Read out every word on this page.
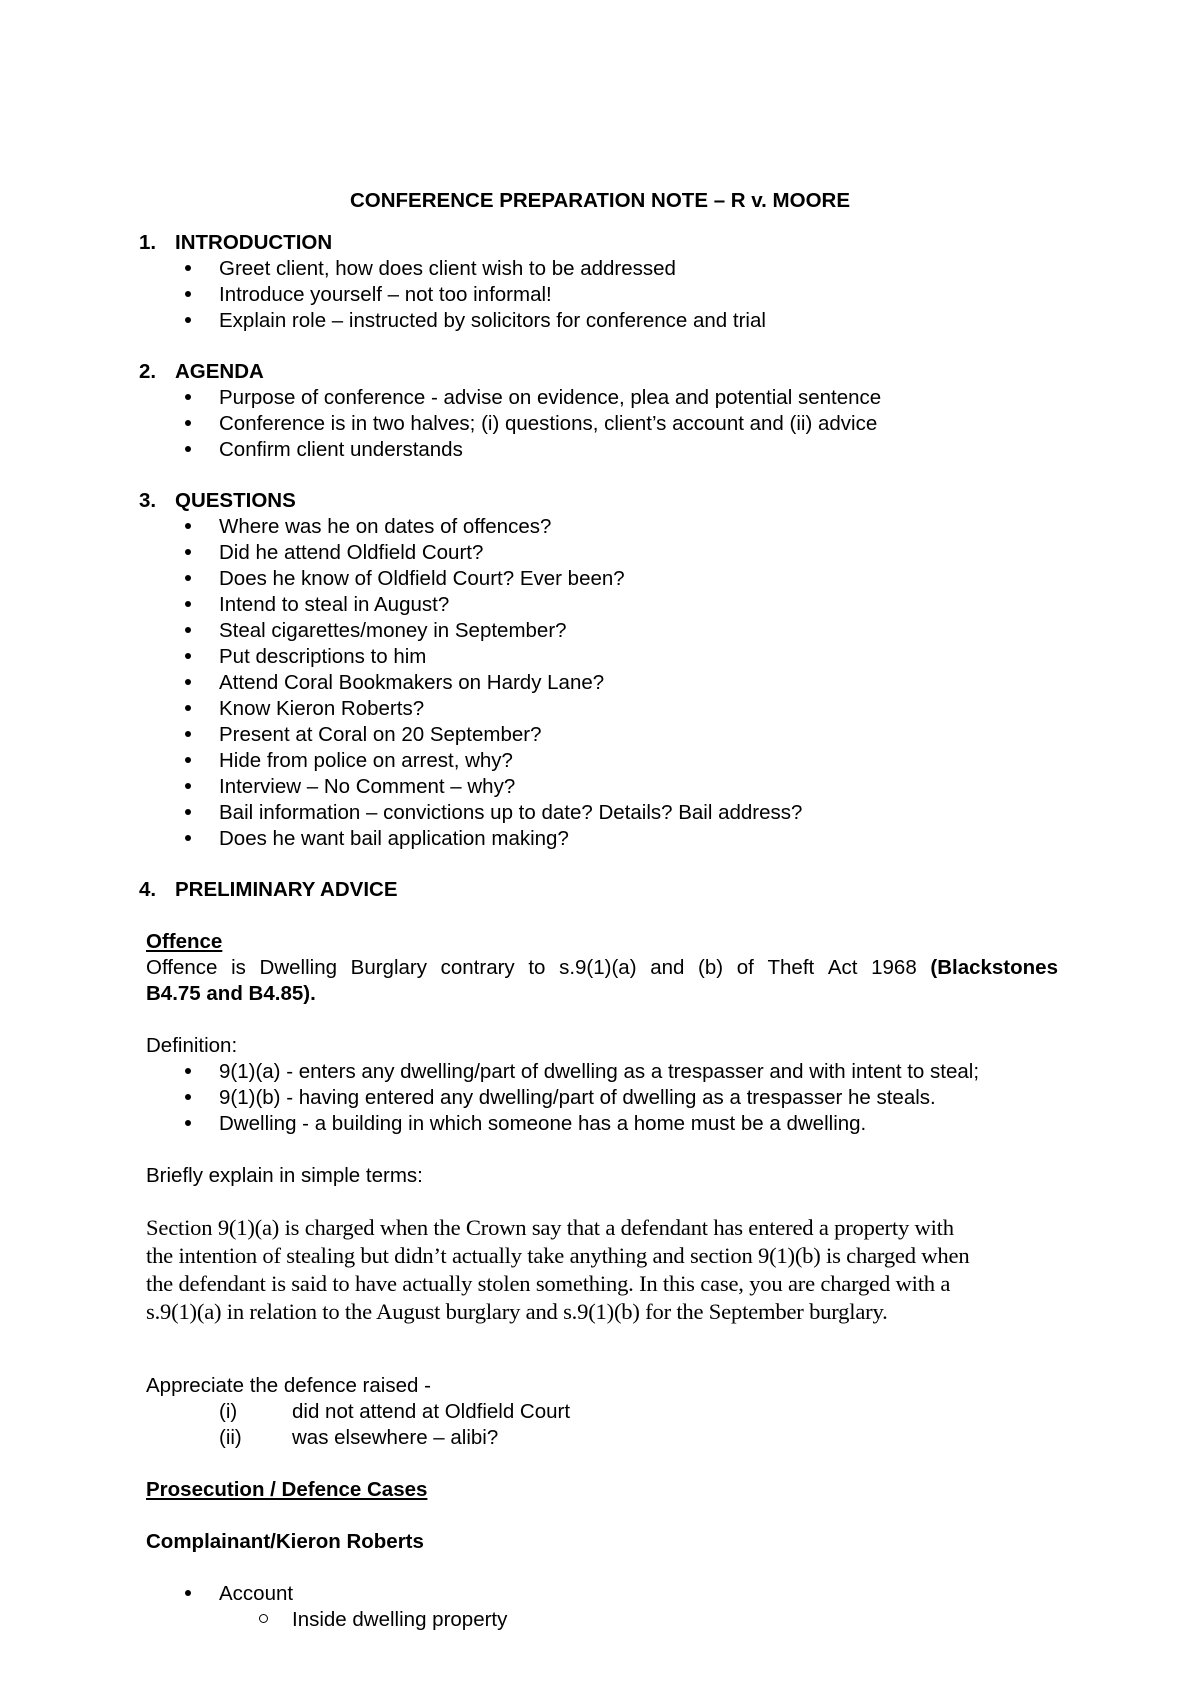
CONFERENCE PREPARATION NOTE – R v. MOORE
1. INTRODUCTION
Greet client, how does client wish to be addressed
Introduce yourself – not too informal!
Explain role – instructed by solicitors for conference and trial
2. AGENDA
Purpose of conference - advise on evidence, plea and potential sentence
Conference is in two halves; (i) questions, client’s account and (ii) advice
Confirm client understands
3. QUESTIONS
Where was he on dates of offences?
Did he attend Oldfield Court?
Does he know of Oldfield Court? Ever been?
Intend to steal in August?
Steal cigarettes/money in September?
Put descriptions to him
Attend Coral Bookmakers on Hardy Lane?
Know Kieron Roberts?
Present at Coral on 20 September?
Hide from police on arrest, why?
Interview – No Comment – why?
Bail information – convictions up to date? Details? Bail address?
Does he want bail application making?
4. PRELIMINARY ADVICE
Offence
Offence is Dwelling Burglary contrary to s.9(1)(a) and (b) of Theft Act 1968 (Blackstones
B4.75 and B4.85).
Definition:
9(1)(a) - enters any dwelling/part of dwelling as a trespasser and with intent to steal;
9(1)(b) - having entered any dwelling/part of dwelling as a trespasser he steals.
Dwelling - a building in which someone has a home must be a dwelling.
Briefly explain in simple terms:
Section 9(1)(a) is charged when the Crown say that a defendant has entered a property with
the intention of stealing but didn’t actually take anything and section 9(1)(b) is charged when
the defendant is said to have actually stolen something. In this case, you are charged with a
s.9(1)(a) in relation to the August burglary and s.9(1)(b) for the September burglary.
Appreciate the defence raised -
(i)	did not attend at Oldfield Court
(ii) was elsewhere – alibi?
Prosecution / Defence Cases
Complainant/Kieron Roberts
Account
Inside dwelling property
